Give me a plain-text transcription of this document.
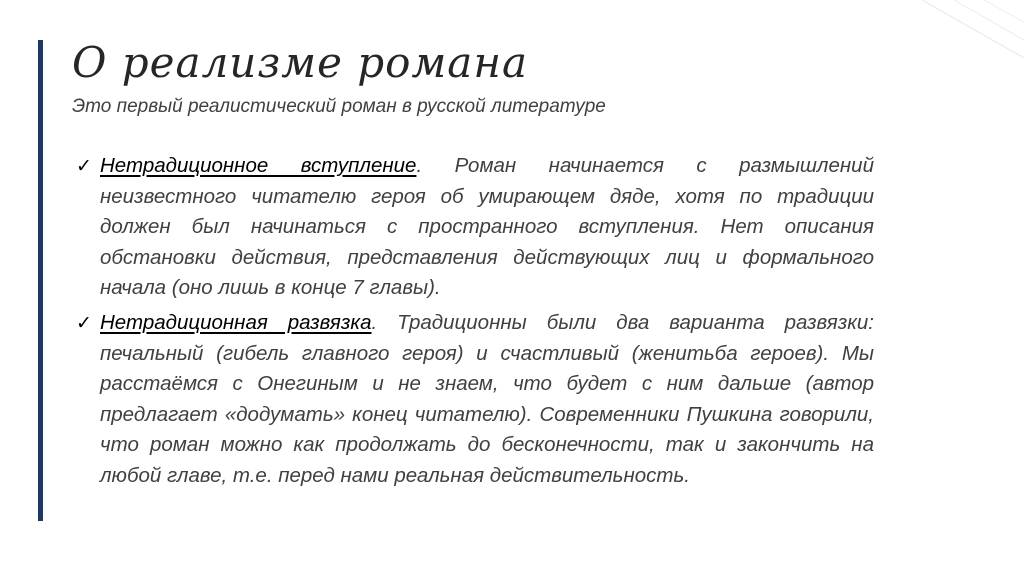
О реализме романа

Это первый реалистический роман в русской литературе

✓ Нетрадиционное вступление. Роман начинается с размышлений неизвестного читателю героя об умирающем дяде, хотя по традиции должен был начинаться с пространного вступления. Нет описания обстановки действия, представления действующих лиц и формального начала (оно лишь в конце 7 главы).
✓ Нетрадиционная развязка. Традиционны были два варианта развязки: печальный (гибель главного героя) и счастливый (женитьба героев). Мы расстаёмся с Онегиным и не знаем, что будет с ним дальше (автор предлагает «додумать» конец читателю). Современники Пушкина говорили, что роман можно как продолжать до бесконечности, так и закончить на любой главе, т.е. перед нами реальная действительность.
